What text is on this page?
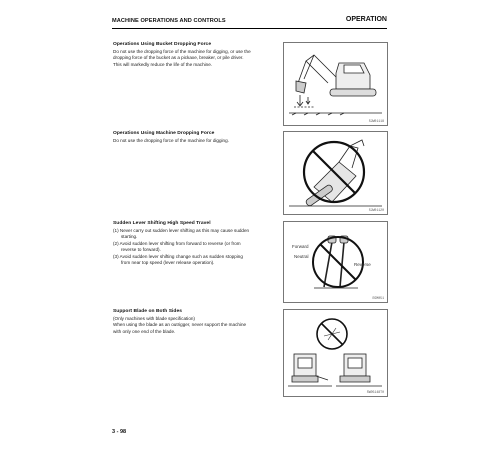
MACHINE OPERATIONS AND CONTROLS	OPERATION
Operations Using Bucket Dropping Force

Do not use the dropping force of the machine for digging, or use the

dropping force of the bucket as a pickaxe, breaker, or pile driver.

This will markedly reduce the life of the machine.

SJW01118
Operations Using Machine Dropping Force

Do not use the dropping force of the machine for digging.

SJW01120
Sudden Lever Shifting High Speed Travel

(1) Never carry out sudden lever shifting as this may cause sudden

starting.

(2) Avoid sudden lever shifting from forward to reverse (or from

reverse to forward).

(3) Avoid sudden lever shifting change such as sudden stopping

from near top speed (lever release operation).

Forward
Reverse
Neutral
EGM051
Support Blade on Both Sides

(Only machines with blade specification)

When using the blade as an outrigger, never support the machine

with only one end of the blade.

SW05148T0
3 - 98
